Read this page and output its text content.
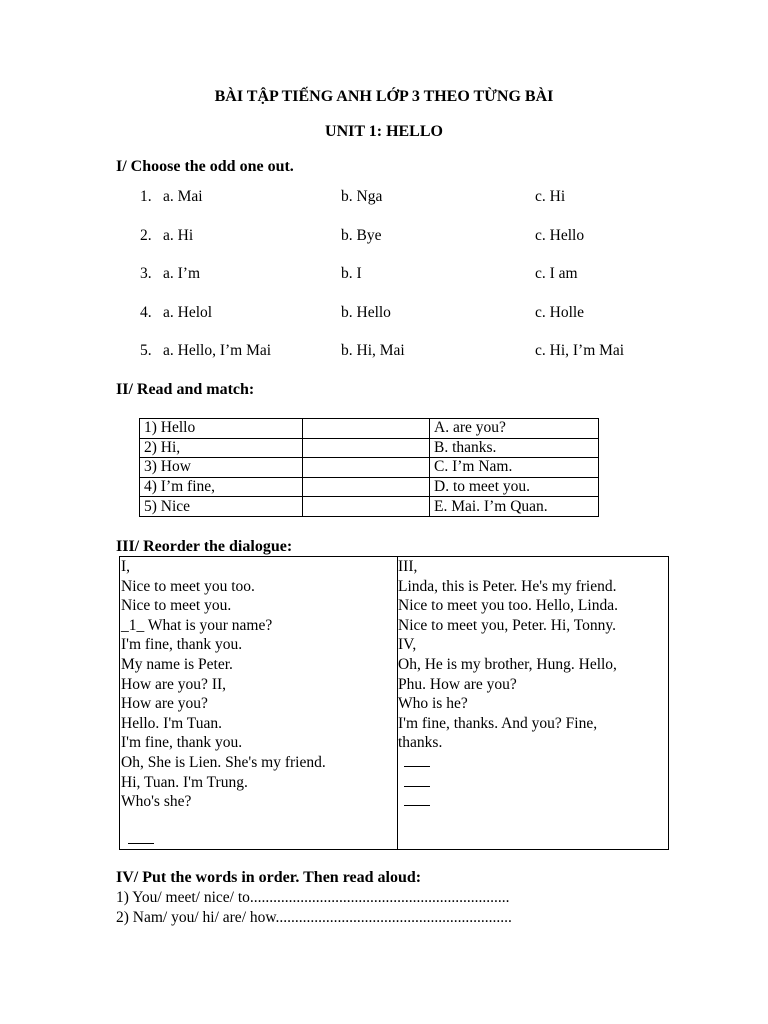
BÀI TẬP TIẾNG ANH LỚP 3 THEO TỪNG BÀI
UNIT 1: HELLO
I/ Choose the odd one out.
1. a. Mai	b. Nga	c. Hi
2. a. Hi	b. Bye	c. Hello
3. a. I’m	b. I	c. I am
4. a. Helol	b. Hello	c. Holle
5. a. Hello, I’m Mai	b. Hi, Mai	c. Hi, I’m Mai
II/ Read and match:
1) Hello		A. are you?
2) Hi,		B. thanks.
3) How		C. I’m Nam.
4) I’m fine,		D. to meet you.
5) Nice		E. Mai. I’m Quan.
III/ Reorder the dialogue:
I,
Nice to meet you too.
Nice to meet you.
_1_ What is your name?
I'm fine, thank you.
My name is Peter.
How are you? II,
How are you?
Hello. I'm Tuan.
I'm fine, thank you.
Oh, She is Lien. She's my friend.
Hi, Tuan. I'm Trung.
Who's she?
III,
Linda, this is Peter. He's my friend.
Nice to meet you too. Hello, Linda.
Nice to meet you, Peter. Hi, Tonny.
IV,
Oh, He is my brother, Hung. Hello,
Phu. How are you?
Who is he?
I'm fine, thanks. And you? Fine,
thanks.
IV/ Put the words in order. Then read aloud:
1) You/ meet/ nice/ to...................................................................
2) Nam/ you/ hi/ are/ how.............................................................
